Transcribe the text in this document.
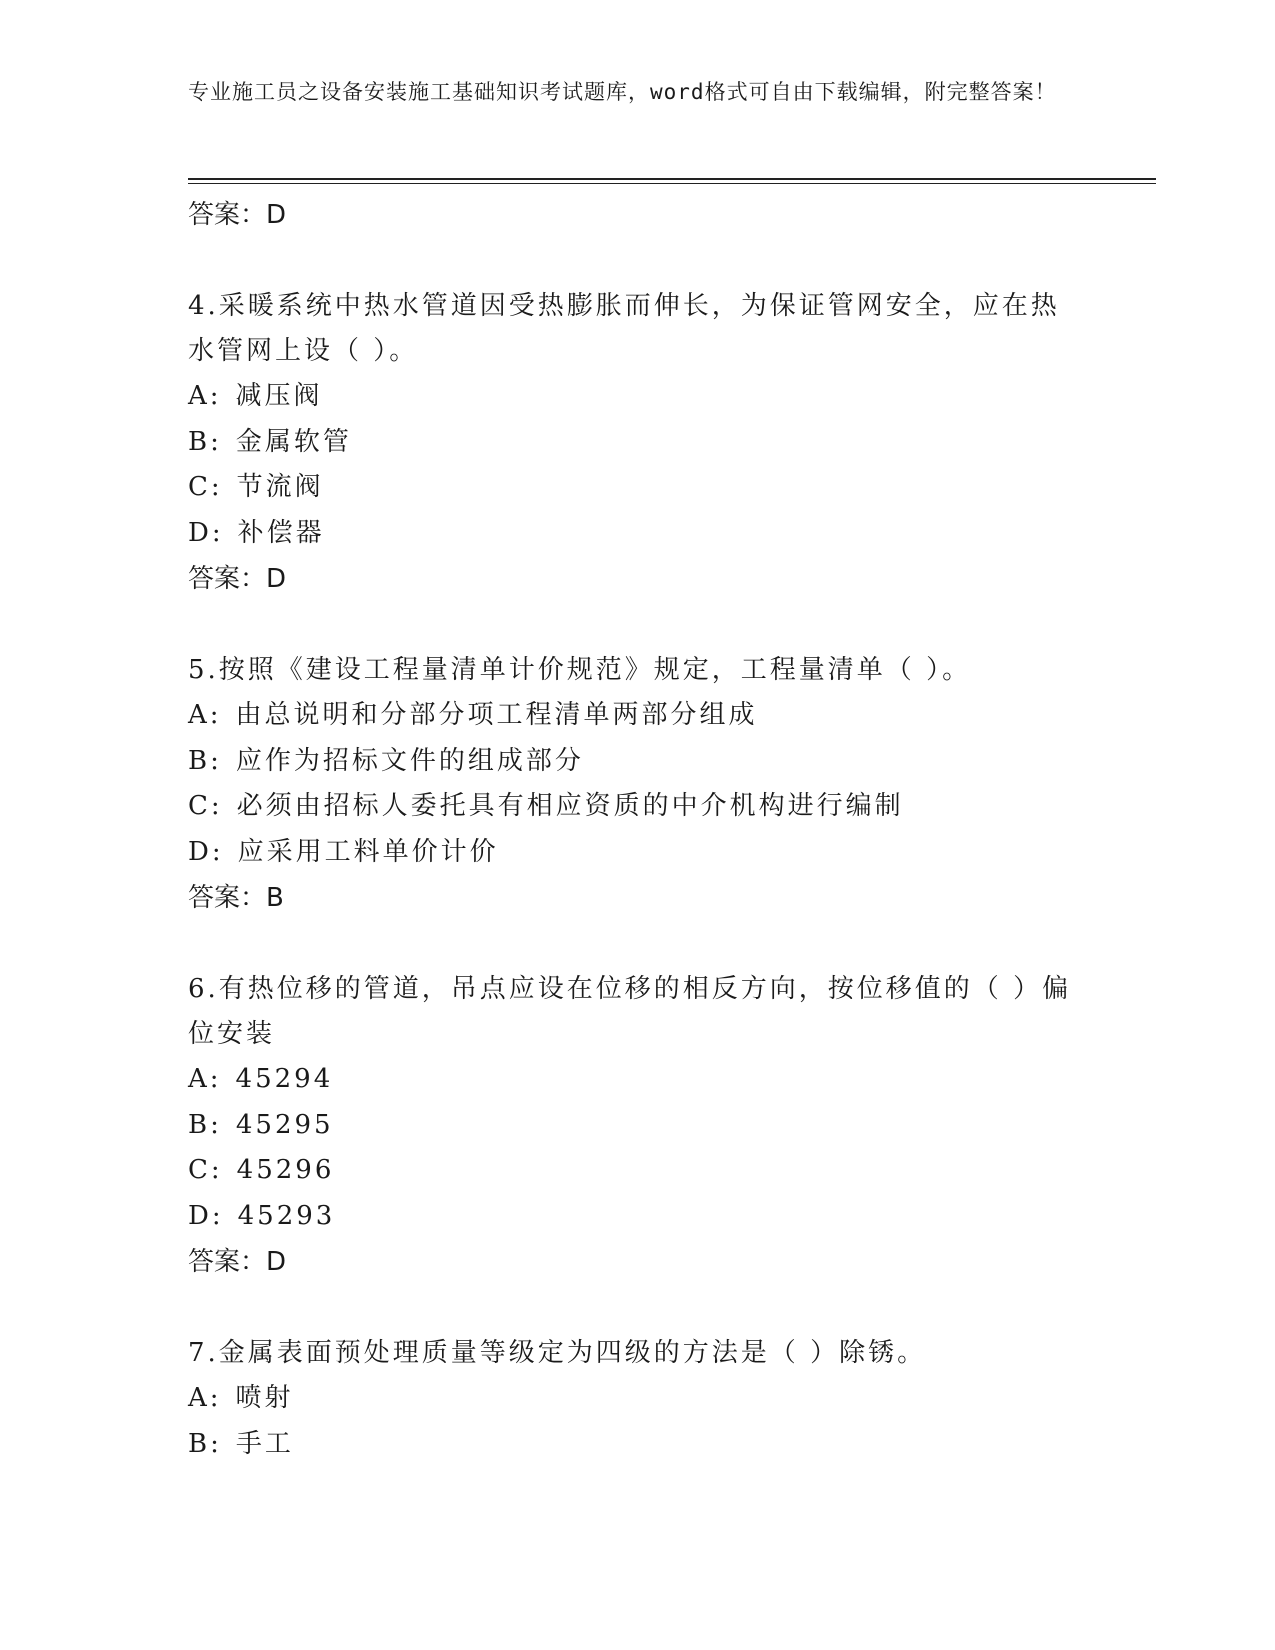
专业施工员之设备安装施工基础知识考试题库，word格式可自由下载编辑，附完整答案！

答案：D

4.采暖系统中热水管道因受热膨胀而伸长，为保证管网安全，应在热水管网上设（ ）。

A: 减压阀

B: 金属软管

C: 节流阀

D: 补偿器

答案：D

5.按照《建设工程量清单计价规范》规定，工程量清单（ ）。

A: 由总说明和分部分项工程清单两部分组成

B: 应作为招标文件的组成部分

C: 必须由招标人委托具有相应资质的中介机构进行编制

D: 应采用工料单价计价

答案：B

6.有热位移的管道，吊点应设在位移的相反方向，按位移值的（ ）偏位安装

A: 45294

B: 45295

C: 45296

D: 45293

答案：D

7.金属表面预处理质量等级定为四级的方法是（ ）除锈。

A: 喷射

B: 手工
